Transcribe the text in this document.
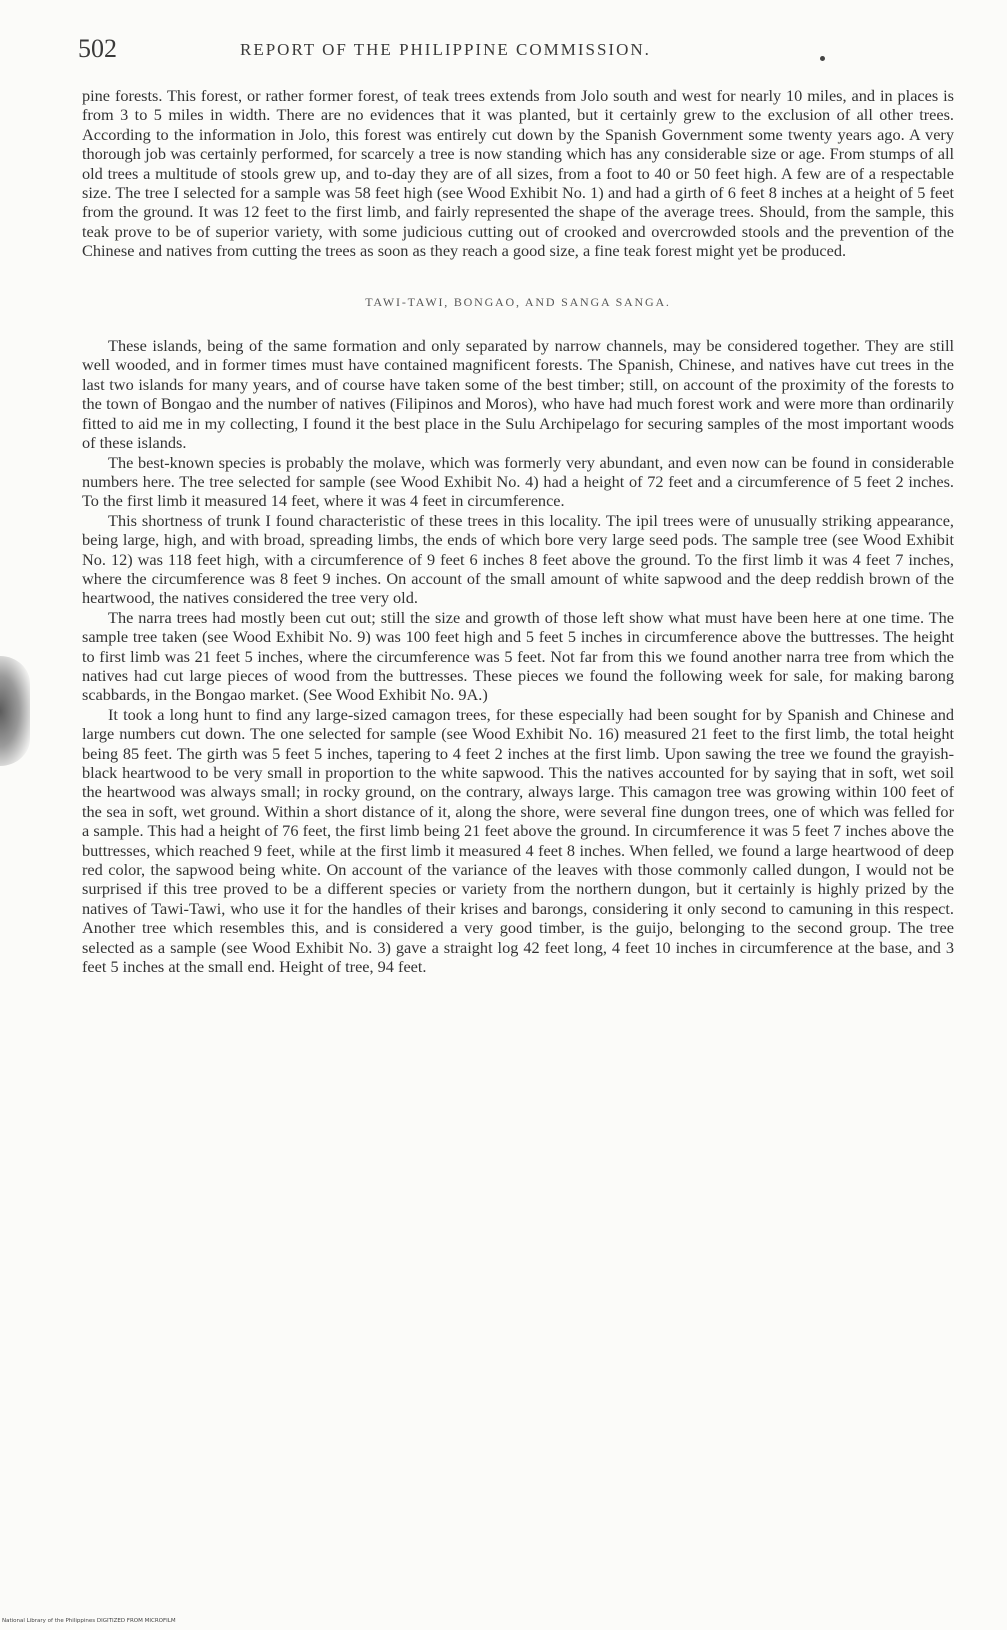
502	REPORT OF THE PHILIPPINE COMMISSION.

pine forests. This forest, or rather former forest, of teak trees extends from Jolo south and west for nearly 10 miles, and in places is from 3 to 5 miles in width. There are no evidences that it was planted, but it certainly grew to the exclusion of all other trees. According to the information in Jolo, this forest was entirely cut down by the Spanish Government some twenty years ago. A very thorough job was certainly performed, for scarcely a tree is now standing which has any considerable size or age. From stumps of all old trees a multitude of stools grew up, and to-day they are of all sizes, from a foot to 40 or 50 feet high. A few are of a respectable size. The tree I selected for a sample was 58 feet high (see Wood Exhibit No. 1) and had a girth of 6 feet 8 inches at a height of 5 feet from the ground. It was 12 feet to the first limb, and fairly represented the shape of the average trees. Should, from the sample, this teak prove to be of superior variety, with some judicious cutting out of crooked and overcrowded stools and the prevention of the Chinese and natives from cutting the trees as soon as they reach a good size, a fine teak forest might yet be produced.

TAWI-TAWI, BONGAO, AND SANGA SANGA.

These islands, being of the same formation and only separated by narrow channels, may be considered together. They are still well wooded, and in former times must have contained magnificent forests. The Spanish, Chinese, and natives have cut trees in the last two islands for many years, and of course have taken some of the best timber; still, on account of the proximity of the forests to the town of Bongao and the number of natives (Filipinos and Moros), who have had much forest work and were more than ordinarily fitted to aid me in my collecting, I found it the best place in the Sulu Archipelago for securing samples of the most important woods of these islands.

The best-known species is probably the molave, which was formerly very abundant, and even now can be found in considerable numbers here. The tree selected for sample (see Wood Exhibit No. 4) had a height of 72 feet and a circumference of 5 feet 2 inches. To the first limb it measured 14 feet, where it was 4 feet in circumference.

This shortness of trunk I found characteristic of these trees in this locality. The ipil trees were of unusually striking appearance, being large, high, and with broad, spreading limbs, the ends of which bore very large seed pods. The sample tree (see Wood Exhibit No. 12) was 118 feet high, with a circumference of 9 feet 6 inches 8 feet above the ground. To the first limb it was 4 feet 7 inches, where the circumference was 8 feet 9 inches. On account of the small amount of white sapwood and the deep reddish brown of the heartwood, the natives considered the tree very old.

The narra trees had mostly been cut out; still the size and growth of those left show what must have been here at one time. The sample tree taken (see Wood Exhibit No. 9) was 100 feet high and 5 feet 5 inches in circumference above the buttresses. The height to first limb was 21 feet 5 inches, where the circumference was 5 feet. Not far from this we found another narra tree from which the natives had cut large pieces of wood from the buttresses. These pieces we found the following week for sale, for making barong scabbards, in the Bongao market. (See Wood Exhibit No. 9A.)

It took a long hunt to find any large-sized camagon trees, for these especially had been sought for by Spanish and Chinese and large numbers cut down. The one selected for sample (see Wood Exhibit No. 16) measured 21 feet to the first limb, the total height being 85 feet. The girth was 5 feet 5 inches, tapering to 4 feet 2 inches at the first limb. Upon sawing the tree we found the grayish-black heartwood to be very small in proportion to the white sapwood. This the natives accounted for by saying that in soft, wet soil the heartwood was always small; in rocky ground, on the contrary, always large. This camagon tree was growing within 100 feet of the sea in soft, wet ground. Within a short distance of it, along the shore, were several fine dungon trees, one of which was felled for a sample. This had a height of 76 feet, the first limb being 21 feet above the ground. In circumference it was 5 feet 7 inches above the buttresses, which reached 9 feet, while at the first limb it measured 4 feet 8 inches. When felled, we found a large heartwood of deep red color, the sapwood being white. On account of the variance of the leaves with those commonly called dungon, I would not be surprised if this tree proved to be a different species or variety from the northern dungon, but it certainly is highly prized by the natives of Tawi-Tawi, who use it for the handles of their krises and barongs, considering it only second to camuning in this respect. Another tree which resembles this, and is considered a very good timber, is the guijo, belonging to the second group. The tree selected as a sample (see Wood Exhibit No. 3) gave a straight log 42 feet long, 4 feet 10 inches in circumference at the base, and 3 feet 5 inches at the small end. Height of tree, 94 feet.

National Library of the Philippines DIGITIZED FROM MICROFILM
